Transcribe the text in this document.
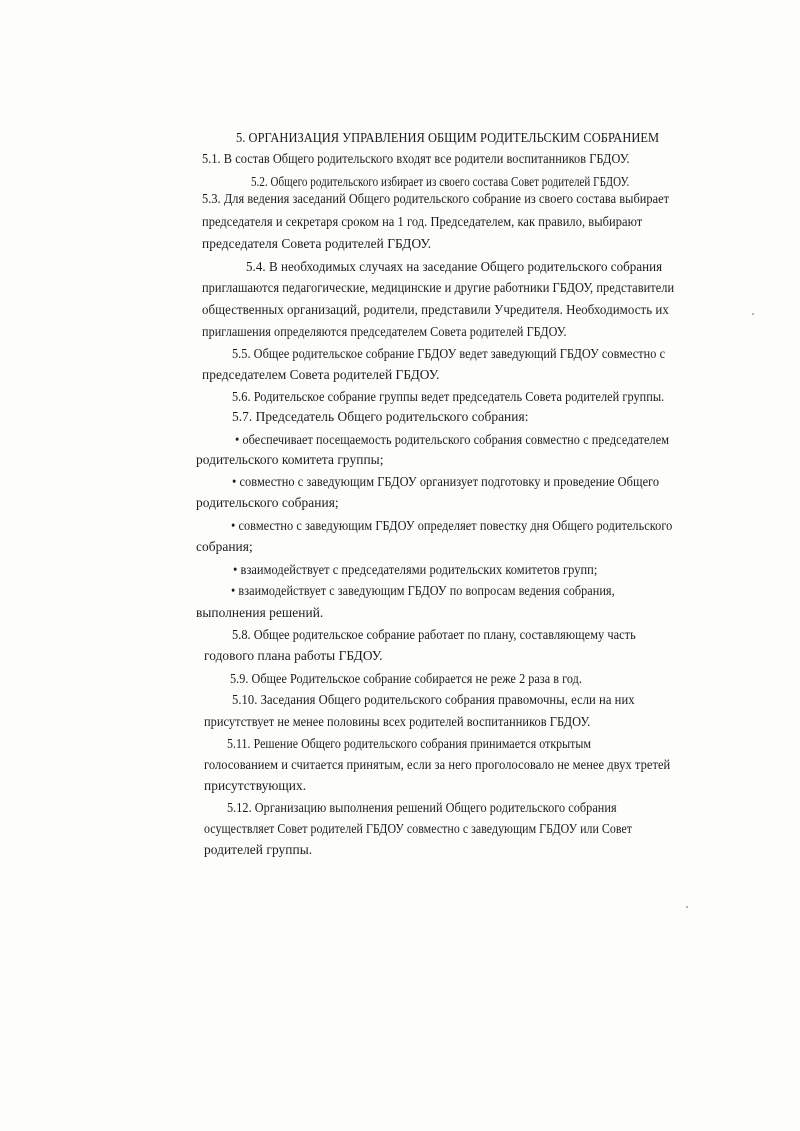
5. ОРГАНИЗАЦИЯ УПРАВЛЕНИЯ ОБЩИМ РОДИТЕЛЬСКИМ СОБРАНИЕМ
5.1. В состав Общего родительского входят все родители воспитанников ГБДОУ.
5.2. Общего родительского избирает из своего состава Совет родителей ГБДОУ.
5.3. Для ведения заседаний Общего родительского собрание из своего состава выбирает
председателя и секретаря сроком на 1 год. Председателем, как правило, выбирают
председателя Совета родителей ГБДОУ.
5.4. В необходимых случаях на заседание Общего родительского собрания
приглашаются педагогические, медицинские и другие работники ГБДОУ, представители
общественных организаций, родители, представили Учредителя. Необходимость их
приглашения определяются председателем Совета родителей ГБДОУ.
5.5. Общее родительское собрание ГБДОУ ведет заведующий ГБДОУ совместно с
председателем Совета родителей ГБДОУ.
5.6. Родительское собрание группы ведет председатель Совета родителей группы.
5.7. Председатель Общего родительского собрания:
• обеспечивает посещаемость родительского собрания совместно с председателем
родительского комитета группы;
• совместно с заведующим ГБДОУ организует подготовку и проведение Общего
родительского собрания;
• совместно с заведующим ГБДОУ определяет повестку дня Общего родительского
собрания;
• взаимодействует с председателями родительских комитетов групп;
• взаимодействует с заведующим ГБДОУ по вопросам ведения собрания,
выполнения решений.
5.8. Общее родительское собрание работает по плану, составляющему часть
годового плана работы ГБДОУ.
5.9. Общее Родительское собрание собирается не реже 2 раза в год.
5.10. Заседания Общего родительского собрания правомочны, если на них
присутствует не менее половины всех родителей воспитанников ГБДОУ.
5.11. Решение Общего родительского собрания принимается открытым
голосованием и считается принятым, если за него проголосовало не менее двух третей
присутствующих.
5.12. Организацию выполнения решений Общего родительского собрания
осуществляет Совет родителей ГБДОУ совместно с заведующим ГБДОУ или Совет
родителей группы.
